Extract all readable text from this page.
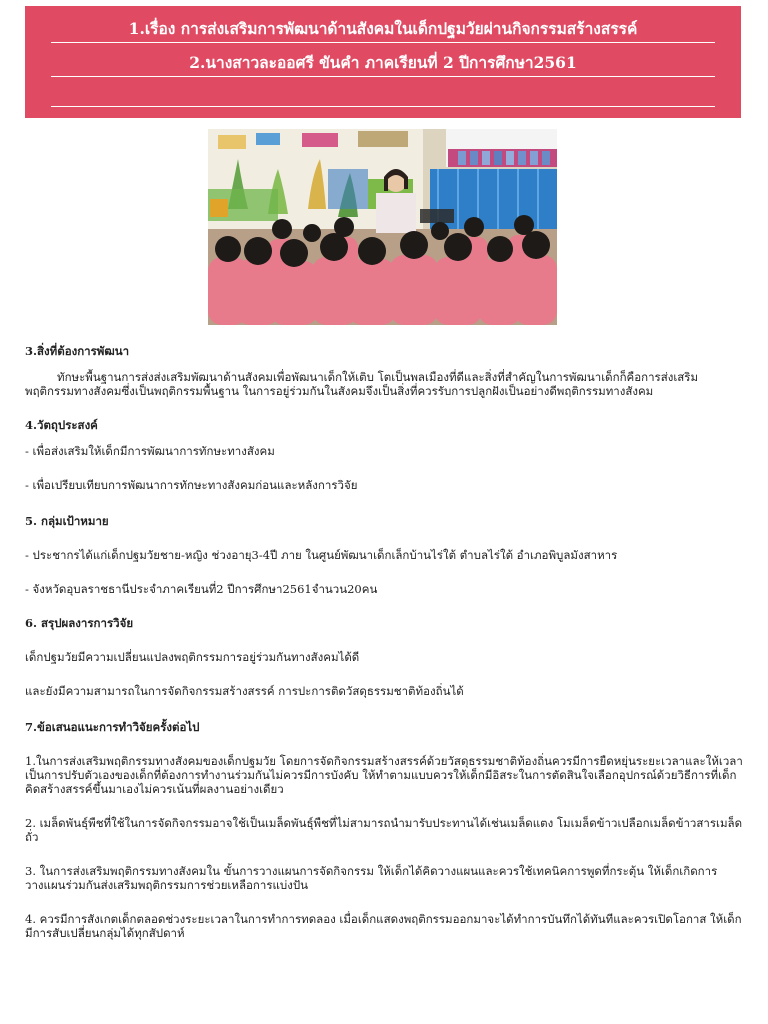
1.เรื่อง การส่งเสริมการพัฒนาด้านสังคมในเด็กปฐมวัยผ่านกิจกรรมสร้างสรรค์
2.นางสาวละออศรี ขันคำ ภาคเรียนที่ 2 ปีการศึกษา2561

3.สิ่งที่ต้องการพัฒนา

ทักษะพื้นฐานการส่งส่งเสริมพัฒนาด้านสังคมเพื่อพัฒนาเด็กให้เติบ โตเป็นพลเมืองที่ดีและสิ่งที่สำคัญในการพัฒนาเด็กก็คือการส่งเสริมพฤติกรรมทางสังคมซึ่งเป็นพฤติกรรมพื้นฐาน ในการอยู่ร่วมกันในสังคมจึงเป็นสิ่งที่ควรรับการปลูกฝังเป็นอย่างดีพฤติกรรมทางสังคม

4.วัตถุประสงค์

- เพื่อส่งเสริมให้เด็กมีการพัฒนาการทักษะทางสังคม

- เพื่อเปรียบเทียบการพัฒนาการทักษะทางสังคมก่อนและหลังการวิจัย

5. กลุ่มเป้าหมาย

- ประชากรได้แก่เด็กปฐมวัยชาย-หญิง ช่วงอายุ3-4ปี ภาย ในศูนย์พัฒนาเด็กเล็กบ้านไร่ใต้ ตำบลไร่ใต้ อำเภอพิบูลมังสาหาร

- จังหวัดอุบลราชธานีประจำภาคเรียนที่2 ปีการศึกษา2561จำนวน20คน

6. สรุปผลงารการวิจัย

เด็กปฐมวัยมีความเปลี่ยนแปลงพฤติกรรมการอยู่ร่วมกันทางสังคมได้ดี

และยังมีความสามารถในการจัดกิจกรรมสร้างสรรค์ การปะการติดวัสดุธรรมชาติท้องถิ่นได้

7.ข้อเสนอแนะการทำวิจัยครั้งต่อไป

1.ในการส่งเสริมพฤติกรรมทางสังคมของเด็กปฐมวัย โดยการจัดกิจกรรมสร้างสรรค์ด้วยวัสดุธรรมชาติท้องถิ่นควรมีการยืดหยุ่นระยะเวลาและให้เวลาเป็นการปรับตัวเองของเด็กที่ต้องการทำงานร่วมกันไม่ควรมีการบังคับ ให้ทำตามแบบควรให้เด็กมีอิสระในการตัดสินใจเลือกอุปกรณ์ด้วยวิธีการที่เด็กคิดสร้างสรรค์ขึ้นมาเองไม่ควรเน้นที่ผลงานอย่างเดียว

2. เมล็ดพันธุ์พืชที่ใช้ในการจัดกิจกรรมอาจใช้เป็นเมล็ดพันธุ์พืชที่ไม่สามารถนำมารับประทานได้เช่นเมล็ดแตง โมเมล็ดข้าวเปลือกเมล็ดข้าวสารเมล็ดถั่ว

3. ในการส่งเสริมพฤติกรรมทางสังคมใน ขั้นการวางแผนการจัดกิจกรรม ให้เด็กได้คิดวางแผนและควรใช้เทคนิคการพูดที่กระตุ้น ให้เด็กเกิดการวางแผนร่วมกันส่งเสริมพฤติกรรมการช่วยเหลือการแบ่งปัน

4. ควรมีการสังเกตเด็กตลอดช่วงระยะเวลาในการทำการทดลอง เมื่อเด็กแสดงพฤติกรรมออกมาจะได้ทำการบันทึกได้ทันทีและควรเปิดโอกาส ให้เด็กมีการสับเปลี่ยนกลุ่มได้ทุกสัปดาห์
